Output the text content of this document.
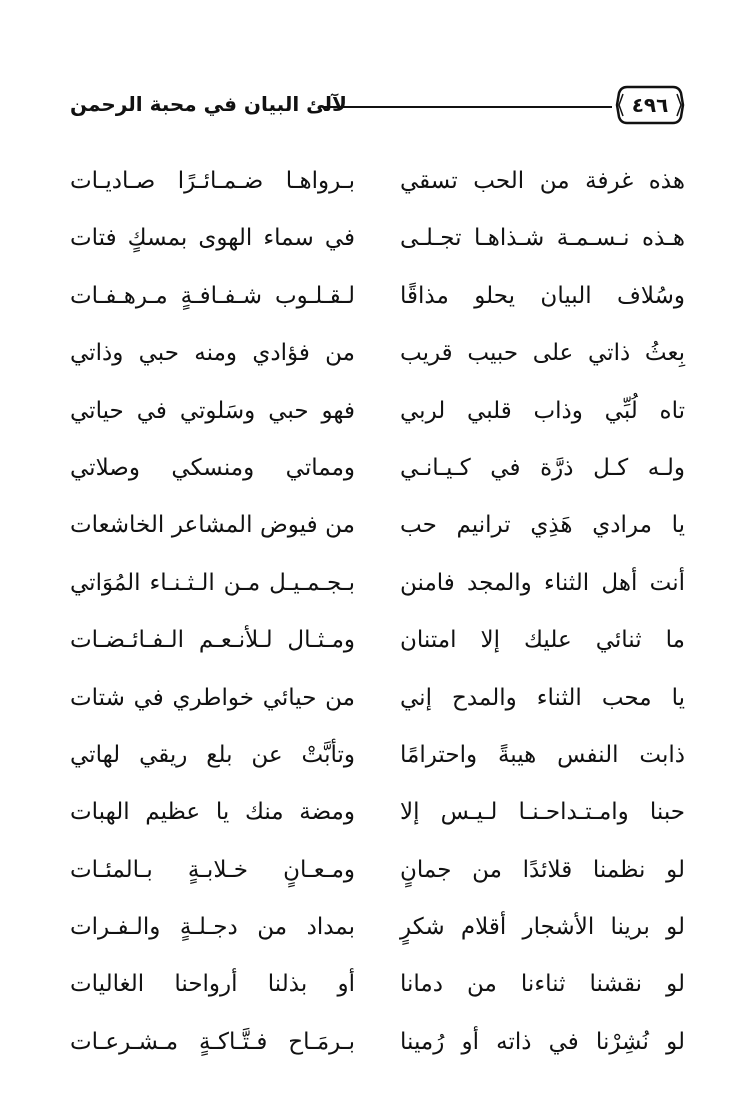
لآلئ البيان في محبة الرحمن	٤٩٦
هذه غرفة من الحب تسقي
بـرواهـا ضـمـائـرًا صـاديـات
هـذه نـسـمـة شـذاهـا تجـلـى
في سماء الهوى بمسكٍ فتات
وسُلاف البيان يحلو مذاقًا
لـقـلـوب شـفـافـةٍ مـرهـفـات
بِعثُ ذاتي على حبيب قريب
من فؤادي ومنه حبي وذاتي
تاه لُبِّي وذاب قلبي لربي
فهو حبي وسَلوتي في حياتي
ولـه كـل ذرَّة في كـيـانـي
ومماتي ومنسكي وصلاتي
يا مرادي هَذِي ترانيم حب
من فيوض المشاعر الخاشعات
أنت أهل الثناء والمجد فامنن
بـجـمـيـل مـن الـثـنـاء المُوَاتي
ما ثنائي عليك إلا امتنان
ومـثـال لـلأنـعـم الـفـائـضـات
يا محب الثناء والمدح إني
من حيائي خواطري في شتات
ذابت النفس هيبةً واحترامًا
وتأبَّتْ عن بلع ريقي لهاتي
حبنا وامـتـداحـنـا لـيـس إلا
ومضة منك يا عظيم الهبات
لو نظمنا قلائدًا من جمانٍ
ومـعـانٍ خـلابـةٍ بـالمئـات
لو برينا الأشجار أقلام شكرٍ
بمداد من دجـلـةٍ والـفـرات
لو نقشنا ثناءنا من دمانا
أو بذلنا أرواحنا الغاليات
لو نُشِرْنا في ذاته أو رُمينا
بـرمَـاح فـتَّـاكـةٍ مـشـرعـات
